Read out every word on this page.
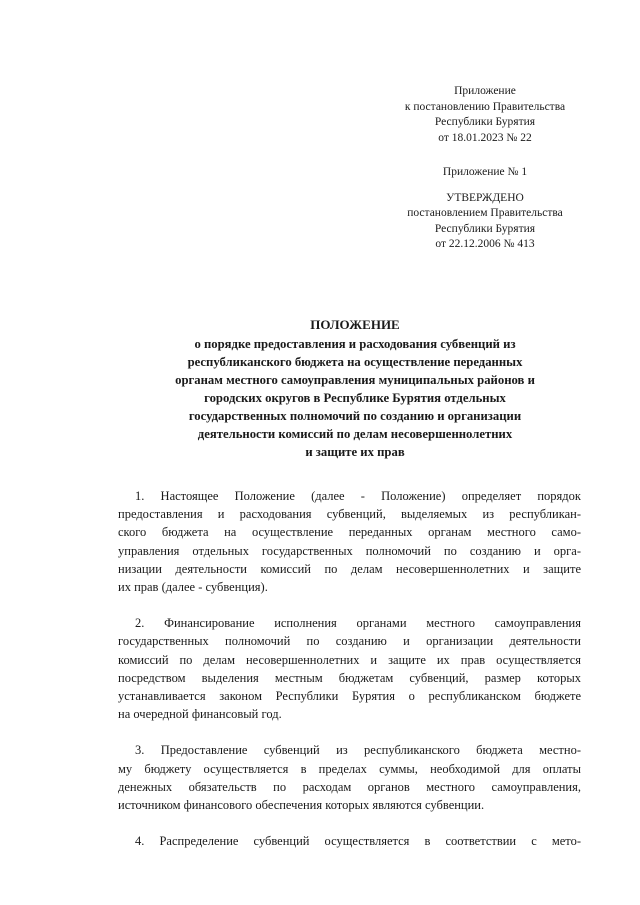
Приложение
к постановлению Правительства
Республики Бурятия
от 18.01.2023 № 22
Приложение № 1
УТВЕРЖДЕНО
постановлением Правительства
Республики Бурятия
от 22.12.2006 № 413
ПОЛОЖЕНИЕ
о порядке предоставления и расходования субвенций из
республиканского бюджета на осуществление переданных
органам местного самоуправления муниципальных районов и
городских округов в Республике Бурятия отдельных
государственных полномочий по созданию и организации
деятельности комиссий по делам несовершеннолетних
и защите их прав
1. Настоящее Положение (далее - Положение) определяет порядок
предоставления и расходования субвенций, выделяемых из республикан-
ского бюджета на осуществление переданных органам местного само-
управления отдельных государственных полномочий по созданию и орга-
низации деятельности комиссий по делам несовершеннолетних и защите
их прав (далее - субвенция).
2. Финансирование исполнения органами местного самоуправления
государственных полномочий по созданию и организации деятельности
комиссий по делам несовершеннолетних и защите их прав осуществляется
посредством выделения местным бюджетам субвенций, размер которых
устанавливается законом Республики Бурятия о республиканском бюджете
на очередной финансовый год.
3. Предоставление субвенций из республиканского бюджета местно-
му бюджету осуществляется в пределах суммы, необходимой для оплаты
денежных обязательств по расходам органов местного самоуправления,
источником финансового обеспечения которых являются субвенции.
4. Распределение субвенций осуществляется в соответствии с мето-
